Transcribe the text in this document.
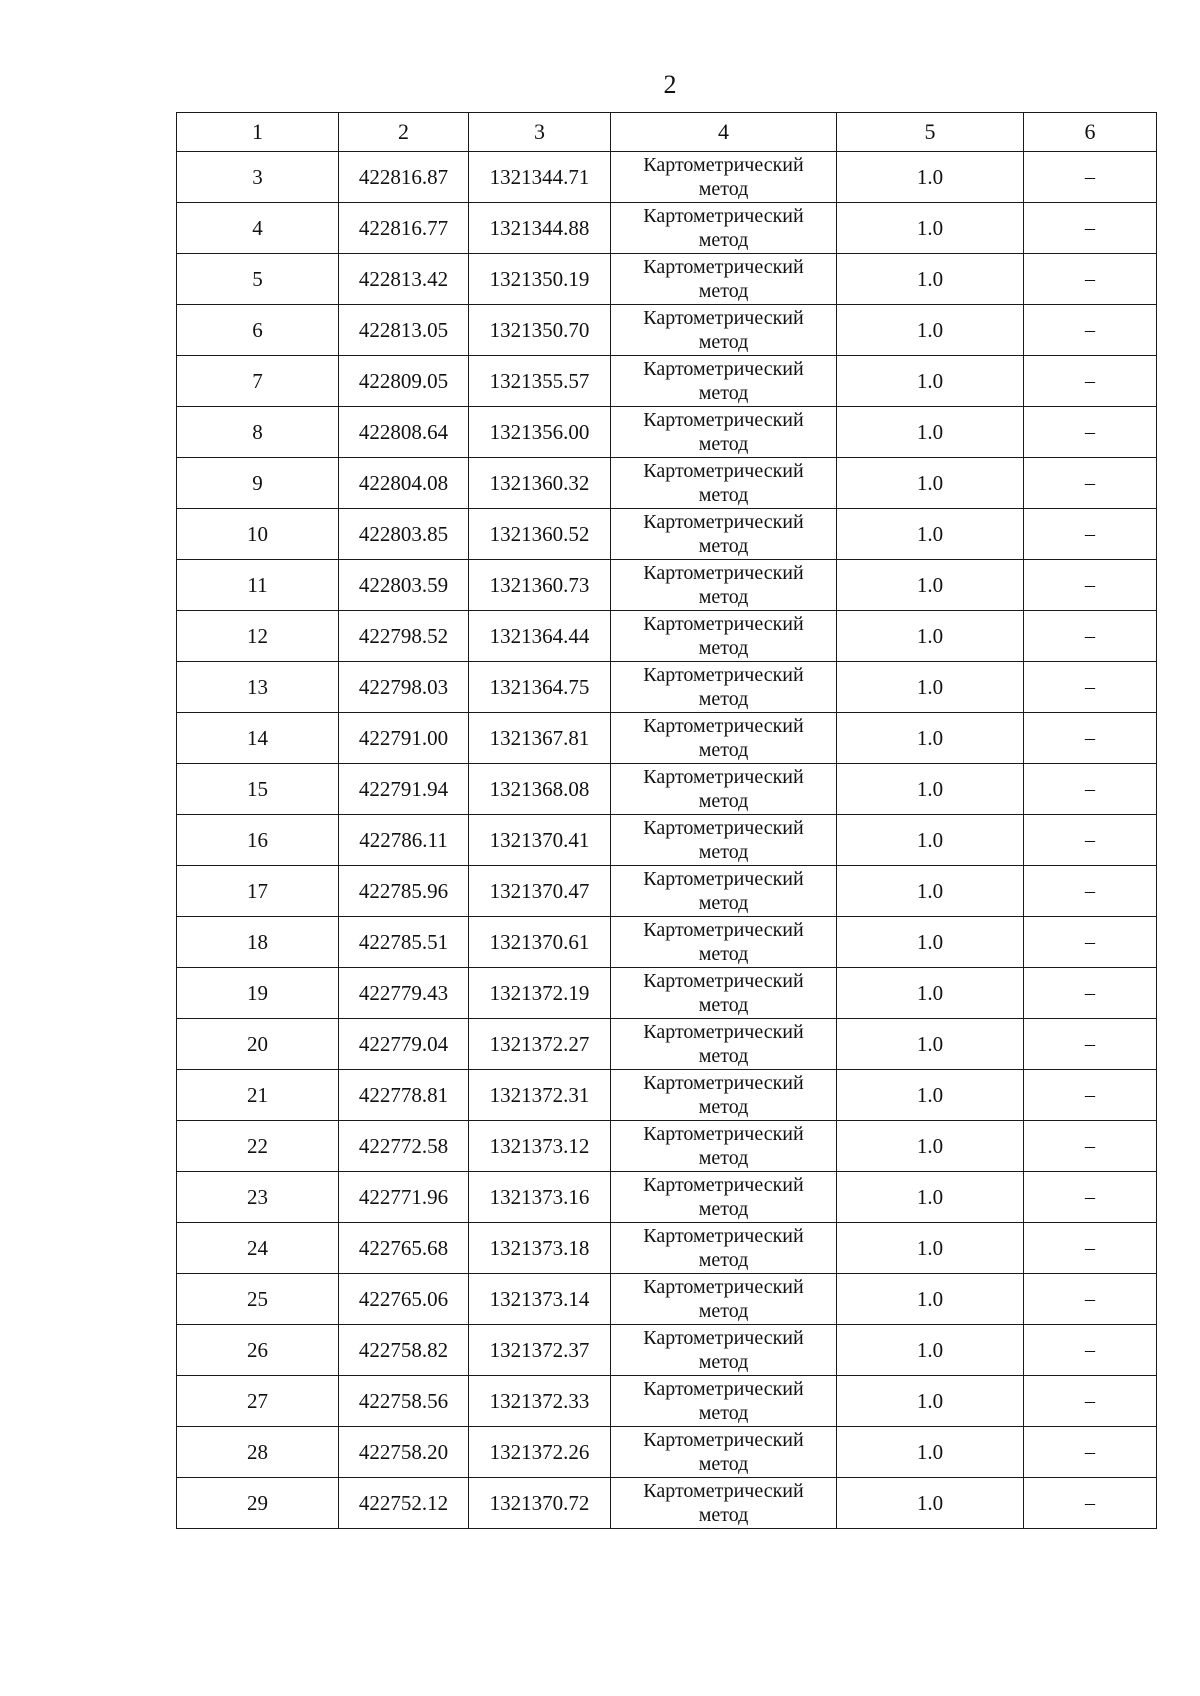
2
1	2	3	4	5	6
3	422816.87	1321344.71	Картометрический
метод	1.0	–
4	422816.77	1321344.88	Картометрический
метод	1.0	–
5	422813.42	1321350.19	Картометрический
метод	1.0	–
6	422813.05	1321350.70	Картометрический
метод	1.0	–
7	422809.05	1321355.57	Картометрический
метод	1.0	–
8	422808.64	1321356.00	Картометрический
метод	1.0	–
9	422804.08	1321360.32	Картометрический
метод	1.0	–
10	422803.85	1321360.52	Картометрический
метод	1.0	–
11	422803.59	1321360.73	Картометрический
метод	1.0	–
12	422798.52	1321364.44	Картометрический
метод	1.0	–
13	422798.03	1321364.75	Картометрический
метод	1.0	–
14	422791.00	1321367.81	Картометрический
метод	1.0	–
15	422791.94	1321368.08	Картометрический
метод	1.0	–
16	422786.11	1321370.41	Картометрический
метод	1.0	–
17	422785.96	1321370.47	Картометрический
метод	1.0	–
18	422785.51	1321370.61	Картометрический
метод	1.0	–
19	422779.43	1321372.19	Картометрический
метод	1.0	–
20	422779.04	1321372.27	Картометрический
метод	1.0	–
21	422778.81	1321372.31	Картометрический
метод	1.0	–
22	422772.58	1321373.12	Картометрический
метод	1.0	–
23	422771.96	1321373.16	Картометрический
метод	1.0	–
24	422765.68	1321373.18	Картометрический
метод	1.0	–
25	422765.06	1321373.14	Картометрический
метод	1.0	–
26	422758.82	1321372.37	Картометрический
метод	1.0	–
27	422758.56	1321372.33	Картометрический
метод	1.0	–
28	422758.20	1321372.26	Картометрический
метод	1.0	–
29	422752.12	1321370.72	Картометрический
метод	1.0	–
